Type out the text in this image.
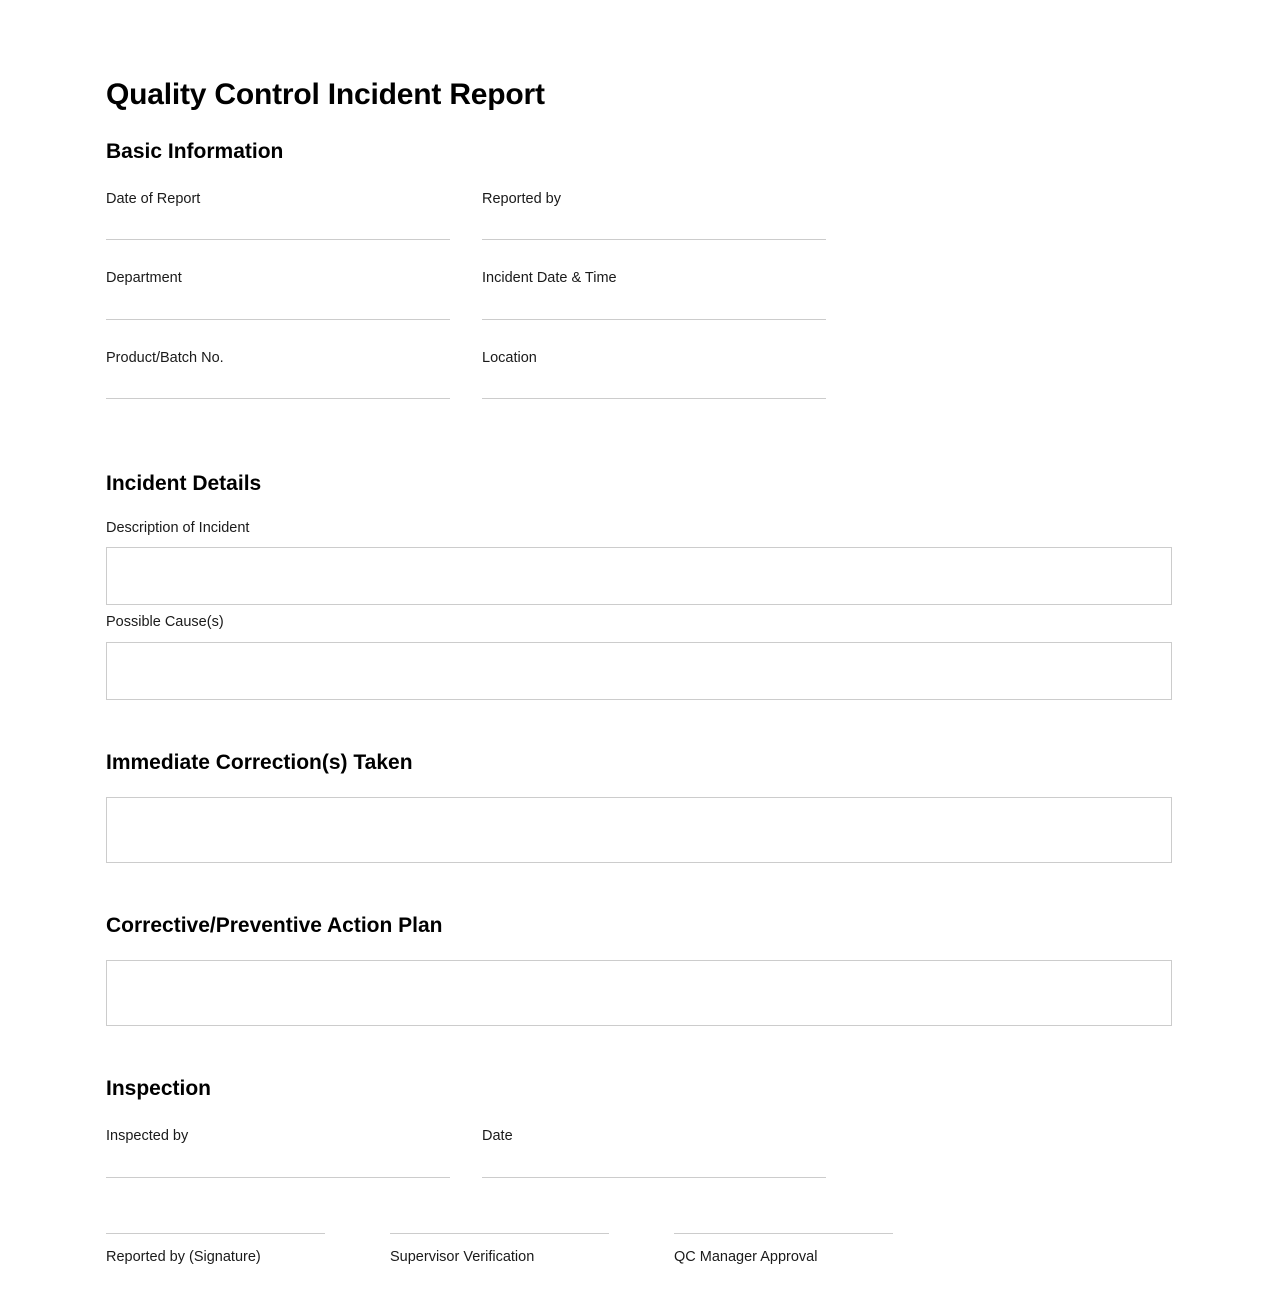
Quality Control Incident Report
Basic Information
Date of Report	Reported by
Department	Incident Date & Time
Product/Batch No.	Location
Incident Details
Description of Incident
Possible Cause(s)
Immediate Correction(s) Taken
Corrective/Preventive Action Plan
Inspection
Inspected by	Date
Reported by (Signature)	Supervisor Verification	QC Manager Approval
